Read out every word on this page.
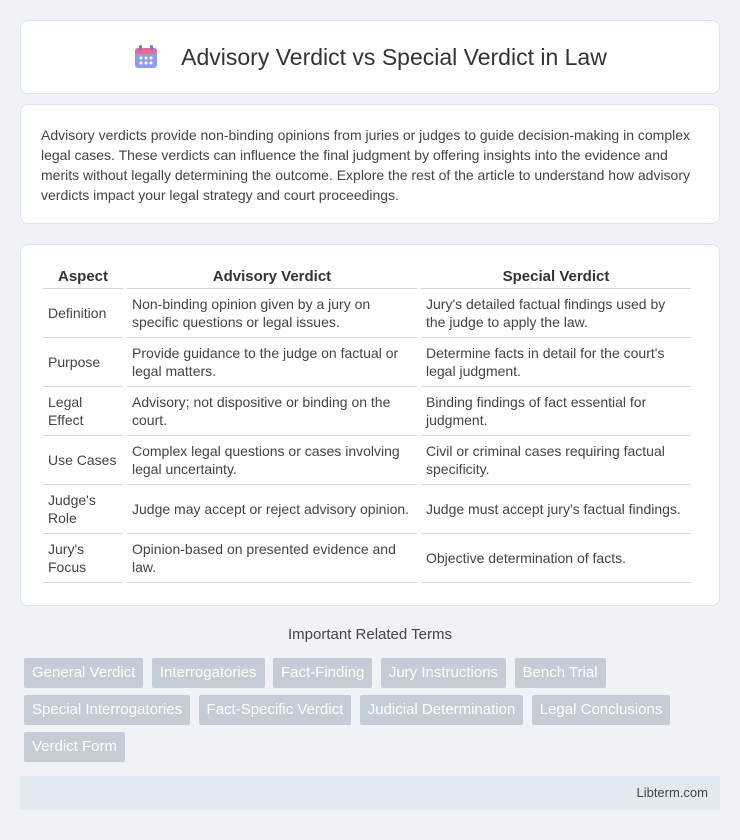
Advisory Verdict vs Special Verdict in Law

Advisory verdicts provide non-binding opinions from juries or judges to guide decision-making in complex legal cases. These verdicts can influence the final judgment by offering insights into the evidence and merits without legally determining the outcome. Explore the rest of the article to understand how advisory verdicts impact your legal strategy and court proceedings.

Aspect	Advisory Verdict	Special Verdict
Definition	Non-binding opinion given by a jury on specific questions or legal issues.	Jury's detailed factual findings used by the judge to apply the law.
Purpose	Provide guidance to the judge on factual or legal matters.	Determine facts in detail for the court's legal judgment.
Legal Effect	Advisory; not dispositive or binding on the court.	Binding findings of fact essential for judgment.
Use Cases	Complex legal questions or cases involving legal uncertainty.	Civil or criminal cases requiring factual specificity.
Judge's Role	Judge may accept or reject advisory opinion.	Judge must accept jury's factual findings.
Jury's Focus	Opinion-based on presented evidence and law.	Objective determination of facts.
Important Related Terms
General Verdict Interrogatories Fact-Finding Jury Instructions Bench Trial Special Interrogatories Fact-Specific Verdict Judicial Determination Legal Conclusions Verdict Form
Libterm.com
